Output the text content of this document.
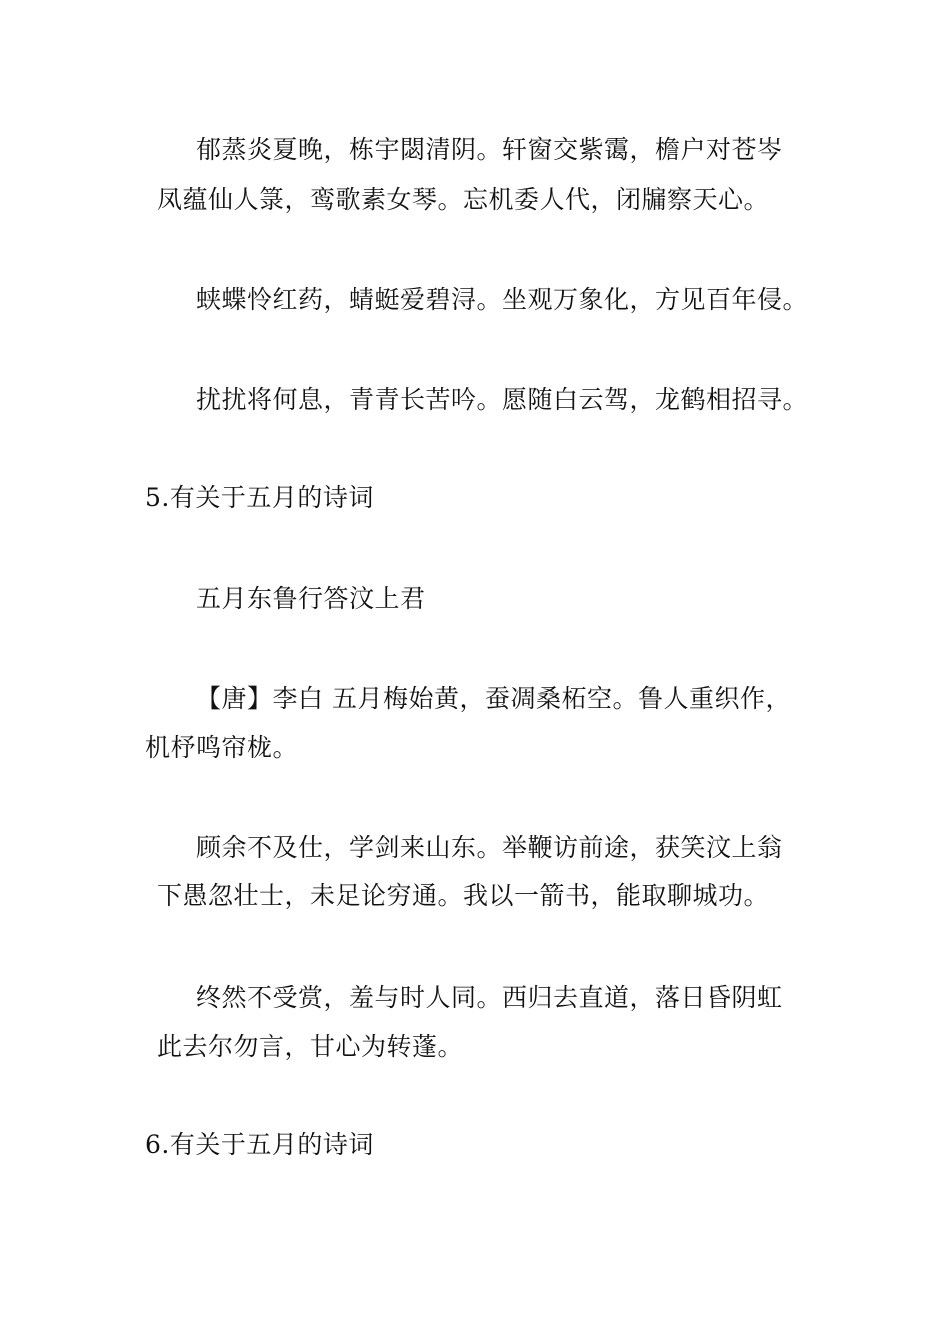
郁蒸炎夏晚，栋宇閟清阴。轩窗交紫霭，檐户对苍岑
凤蕴仙人箓，鸾歌素女琴。忘机委人代，闭牖察天心。
蛱蝶怜红药，蜻蜓爱碧浔。坐观万象化，方见百年侵。
扰扰将何息，青青长苦吟。愿随白云驾，龙鹤相招寻。
5.有关于五月的诗词
五月东鲁行答汶上君
【唐】李白 五月梅始黄，蚕凋桑柘空。鲁人重织作，
机杼鸣帘栊。
顾余不及仕，学剑来山东。举鞭访前途，获笑汶上翁
下愚忽壮士，未足论穷通。我以一箭书，能取聊城功。
终然不受赏，羞与时人同。西归去直道，落日昏阴虹
此去尔勿言，甘心为转蓬。
6.有关于五月的诗词
